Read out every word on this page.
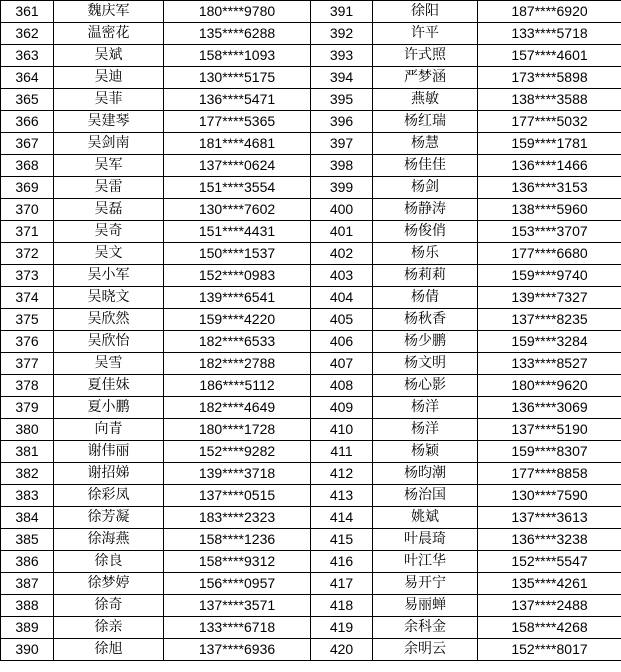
361	魏庆军	180****9780	391	徐阳	187****6920
362	温密花	135****6288	392	许平	133****5718
363	吴斌	158****1093	393	许式照	157****4601
364	吴迪	130****5175	394	严梦涵	173****5898
365	吴菲	136****5471	395	燕敏	138****3588
366	吴建琴	177****5365	396	杨红瑞	177****5032
367	吴剑南	181****4681	397	杨慧	159****1781
368	吴军	137****0624	398	杨佳佳	136****1466
369	吴雷	151****3554	399	杨剑	136****3153
370	吴磊	130****7602	400	杨静涛	138****5960
371	吴奇	151****4431	401	杨俊俏	153****3707
372	吴文	150****1537	402	杨乐	177****6680
373	吴小军	152****0983	403	杨莉莉	159****9740
374	吴晓文	139****6541	404	杨倩	139****7327
375	吴欣然	159****4220	405	杨秋香	137****8235
376	吴欣怡	182****6533	406	杨少鹏	159****3284
377	吴雪	182****2788	407	杨文明	133****8527
378	夏佳妹	186****5112	408	杨心影	180****9620
379	夏小鹏	182****4649	409	杨洋	136****3069
380	向青	180****1728	410	杨洋	137****5190
381	谢伟丽	152****9282	411	杨颖	159****8307
382	谢招娣	139****3718	412	杨昀潮	177****8858
383	徐彩凤	137****0515	413	杨治国	130****7590
384	徐芳凝	183****2323	414	姚斌	137****3613
385	徐海燕	158****1236	415	叶晨琦	136****3238
386	徐良	158****9312	416	叶江华	152****5547
387	徐梦婷	156****0957	417	易开宁	135****4261
388	徐奇	137****3571	418	易丽蝉	137****2488
389	徐亲	133****6718	419	余科金	158****4268
390	徐旭	137****6936	420	余明云	152****8017
